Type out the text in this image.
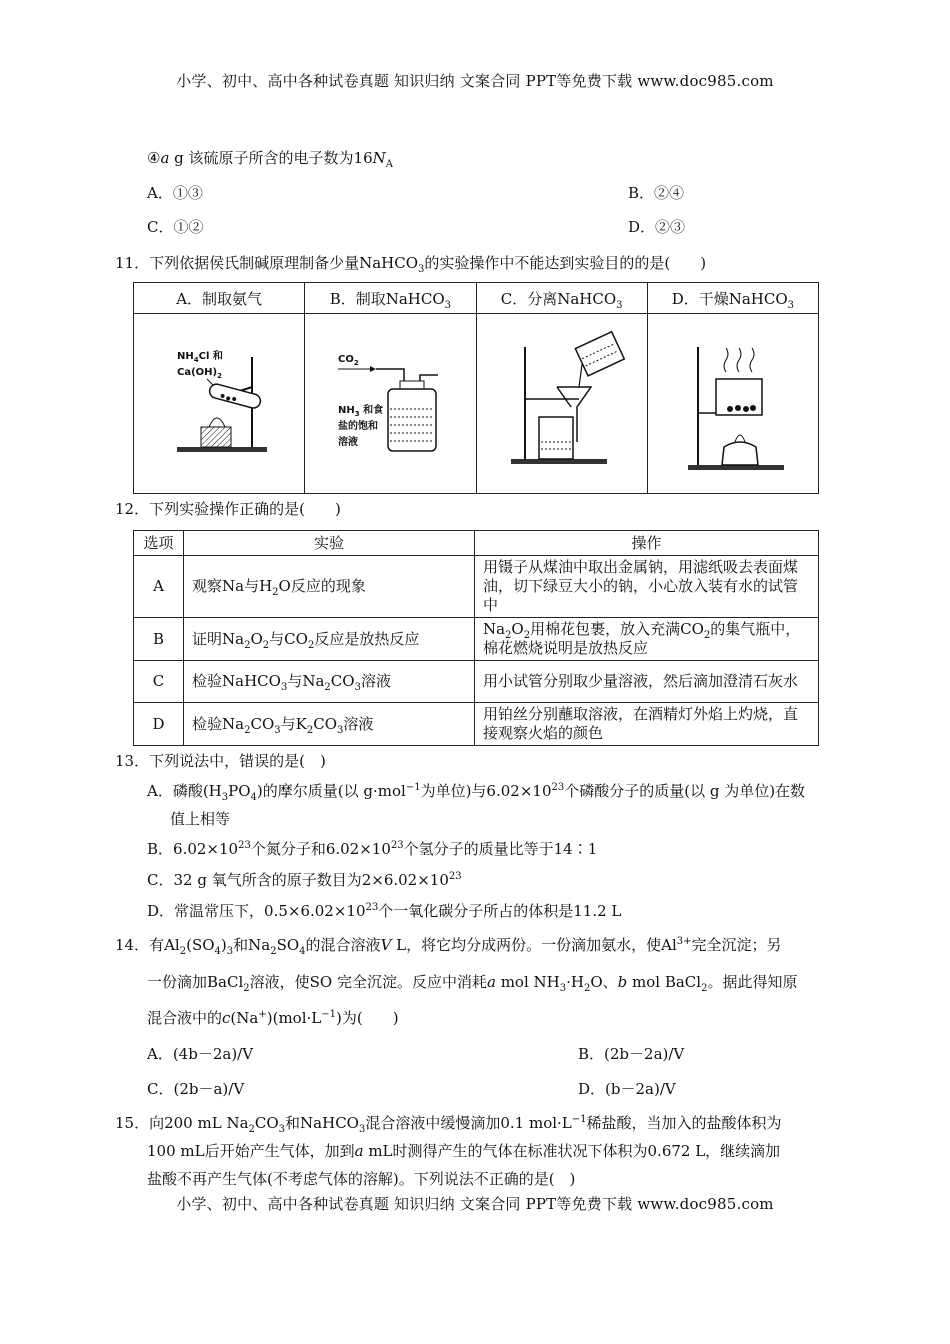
小学、初中、高中各种试卷真题 知识归纳 文案合同 PPT等免费下载 www.doc985.com
④a g 该硫原子所含的电子数为$16N_A$
A．①③	B．②④
C．①②	D．②③
11．下列依据侯氏制碱原理制备少量NaHCO$_3$的实验操作中不能达到实验目的的是(　　)
A．制取氨气	B．制取NaHCO$_3$	C．分离NaHCO$_3$	D．干燥NaHCO$_3$

$NH_4Cl$ 和
$Ca(OH)_2$	$CO_2$
$NH_3$ 和食
盐的饱和
溶液

12．下列实验操作正确的是(　　)
选项	实验	操作
A	观察Na与$H_2O$反应的现象	用镊子从煤油中取出金属钠，用滤纸吸去表面煤油，切下绿豆大小的钠，小心放入装有水的试管中
B	证明$Na_2O_2$与$CO_2$反应是放热反应	$Na_2O_2$用棉花包裹，放入充满$CO_2$的集气瓶中，棉花燃烧说明是放热反应
C	检验NaHCO$_3$与$Na_2CO_3$溶液	用小试管分别取少量溶液，然后滴加澄清石灰水
D	检验$Na_2CO_3$与$K_2CO_3$溶液	用铂丝分别蘸取溶液，在酒精灯外焰上灼烧，直接观察火焰的颜色
13．下列说法中，错误的是(　)
A．磷酸$(H_3PO_4)$的摩尔质量(以 g·mol$^{-1}$为单位)与$6.02\times 10^{23}$个磷酸分子的质量(以 g 为单位)在数
值上相等
B．$6.02\times 10^{23}$个氮分子和$6.02\times 10^{23}$个氢分子的质量比等于14∶1
C．32 g 氧气所含的原子数目为$2\times 6.02\times 10^{23}$
D．常温常压下，$0.5\times 6.02\times 10^{23}$个一氧化碳分子所占的体积是11.2 L
14．有$Al_2(SO_4)_3$和$Na_2SO_4$的混合溶液V L，将它均分成两份。一份滴加氨水，使$Al^{3+}$完全沉淀；另
一份滴加BaCl$_2$溶液，使SO 完全沉淀。反应中消耗a mol $NH_3\cdot H_2O$、b mol BaCl$_2$。据此得知原
混合液中的$c(Na^+)(mol\cdot L^{-1})$为(　　)
A．(4b－2a)/V	B．(2b－2a)/V
C．(2b－a)/V	D．(b－2a)/V
15．向200 mL $Na_2CO_3$和NaHCO$_3$混合溶液中缓慢滴加0.1 $mol\cdot L^{-1}$稀盐酸，当加入的盐酸体积为
100 mL后开始产生气体，加到a mL时测得产生的气体在标准状况下体积为0.672 L，继续滴加
盐酸不再产生气体(不考虑气体的溶解)。下列说法不正确的是(　)
小学、初中、高中各种试卷真题 知识归纳 文案合同 PPT等免费下载 www.doc985.com
